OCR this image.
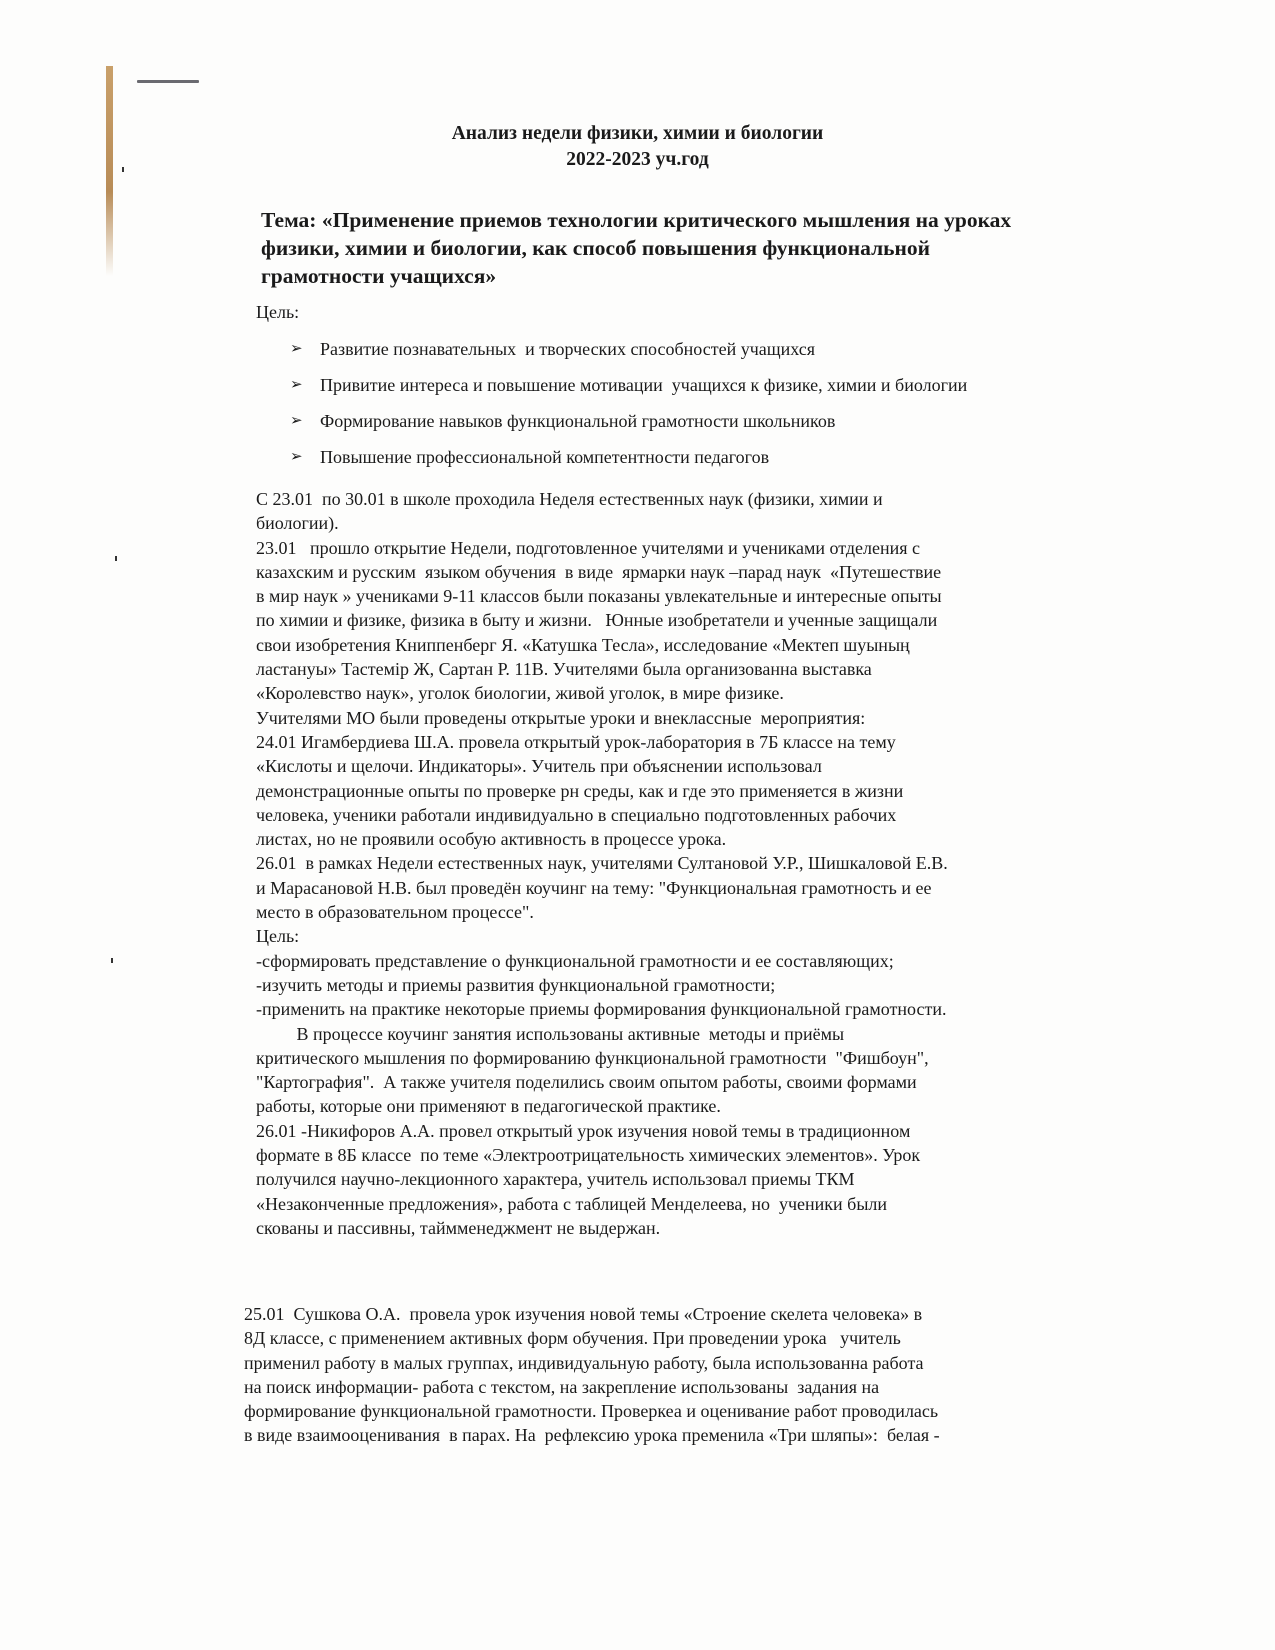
Анализ недели физики, химии и биологии
2022-2023 уч.год
Тема: «Применение приемов технологии критического мышления на уроках физики, химии и биологии, как способ повышения функциональной грамотности учащихся»
Цель:
➢ Развитие познавательных  и творческих способностей учащихся
➢ Привитие интереса и повышение мотивации  учащихся к физике, химии и биологии
➢ Формирование навыков функциональной грамотности школьников
➢ Повышение профессиональной компетентности педагогов
С 23.01  по 30.01 в школе проходила Неделя естественных наук (физики, химии и
биологии).
23.01   прошло открытие Недели, подготовленное учителями и учениками отделения с
казахским и русским  языком обучения  в виде  ярмарки наук –парад наук  «Путешествие
в мир наук » учениками 9-11 классов были показаны увлекательные и интересные опыты
по химии и физике, физика в быту и жизни.   Юнные изобретатели и ученные защищали
свои изобретения Книппенберг Я. «Катушка Тесла», исследование «Мектеп шуының
ластануы» Тастемір Ж, Сартан Р. 11В. Учителями была организованна выставка
«Королевство наук», уголок биологии, живой уголок, в мире физике.
Учителями МО были проведены открытые уроки и внеклассные  мероприятия:
24.01 Игамбердиева Ш.А. провела открытый урок-лаборатория в 7Б классе на тему
«Кислоты и щелочи. Индикаторы». Учитель при объяснении использовал
демонстрационные опыты по проверке рн среды, как и где это применяется в жизни
человека, ученики работали индивидуально в специально подготовленных рабочих
листах, но не проявили особую активность в процессе урока.
26.01  в рамках Недели естественных наук, учителями Султановой У.Р., Шишкаловой Е.В.
и Марасановой Н.В. был проведён коучинг на тему: "Функциональная грамотность и ее
место в образовательном процессе".
Цель:
-сформировать представление о функциональной грамотности и ее составляющих;
-изучить методы и приемы развития функциональной грамотности;
-применить на практике некоторые приемы формирования функциональной грамотности.
В процессе коучинг занятия использованы активные  методы и приёмы
критического мышления по формированию функциональной грамотности  "Фишбоун",
"Картография".  А также учителя поделились своим опытом работы, своими формами
работы, которые они применяют в педагогической практике.
26.01 -Никифоров А.А. провел открытый урок изучения новой темы в традиционном
формате в 8Б классе  по теме «Электроотрицательность химических элементов». Урок
получился научно-лекционного характера, учитель использовал приемы ТКМ
«Незаконченные предложения», работа с таблицей Менделеева, но  ученики были
скованы и пассивны, таймменеджмент не выдержан.
25.01  Сушкова О.А.  провела урок изучения новой темы «Строение скелета человека» в
8Д классе, с применением активных форм обучения. При проведении урока   учитель
применил работу в малых группах, индивидуальную работу, была использованна работа
на поиск информации- работа с текстом, на закрепление использованы  задания на
формирование функциональной грамотности. Проверкеа и оценивание работ проводилась
в виде взаимооценивания  в парах. На  рефлексию урока пременила «Три шляпы»:  белая -
